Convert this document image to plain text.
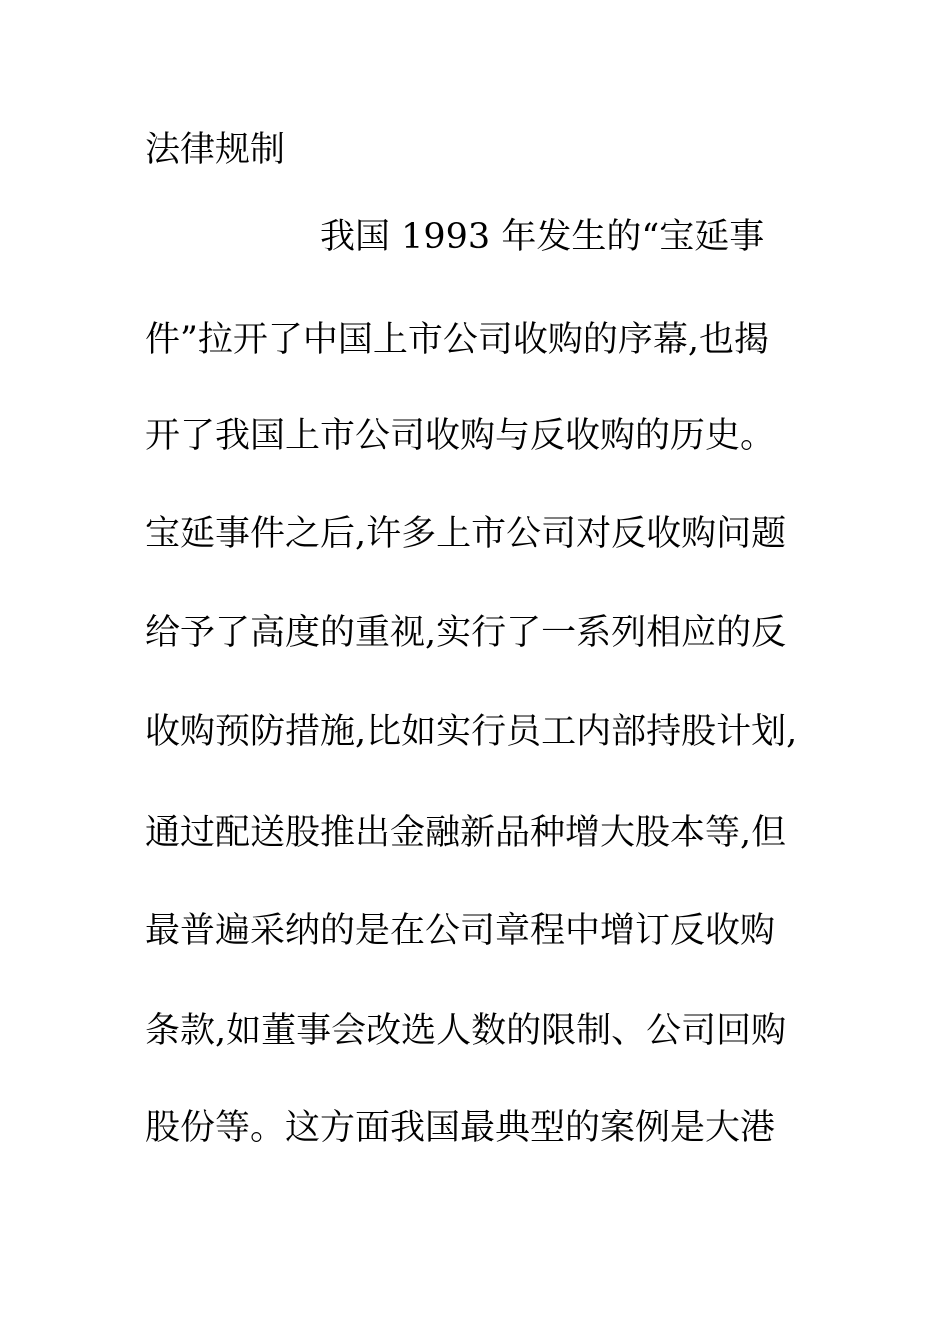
法律规制
我国 1993 年发生的“宝延事
件”拉开了中国上市公司收购的序幕,也揭
开了我国上市公司收购与反收购的历史。
宝延事件之后,许多上市公司对反收购问题
给予了高度的重视,实行了一系列相应的反
收购预防措施,比如实行员工内部持股计划,
通过配送股推出金融新品种增大股本等,但
最普遍采纳的是在公司章程中增订反收购
条款,如董事会改选人数的限制、公司回购
股份等。这方面我国最典型的案例是大港
